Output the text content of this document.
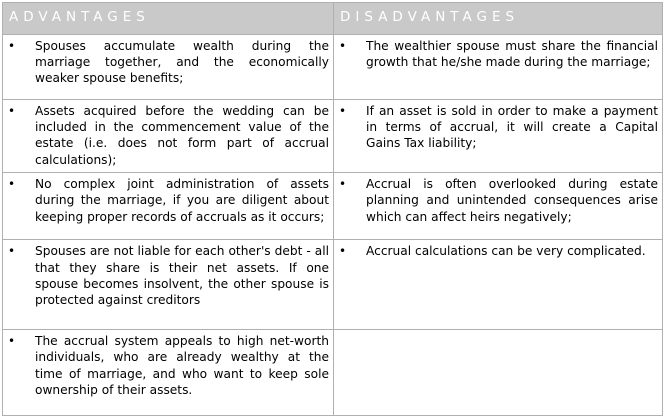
ADVANTAGES	DISADVANTAGES

• Spouses accumulate wealth during the marriage together, and the economically weaker spouse benefits;	• The wealthier spouse must share the financial growth that he/she made during the marriage;

• Assets acquired before the wedding can be included in the commencement value of the estate (i.e. does not form part of accrual calculations);	• If an asset is sold in order to make a payment in terms of accrual, it will create a Capital Gains Tax liability;

• No complex joint administration of assets during the marriage, if you are diligent about keeping proper records of accruals as it occurs;	• Accrual is often overlooked during estate planning and unintended consequences arise which can affect heirs negatively;

• Spouses are not liable for each other's debt - all that they share is their net assets. If one spouse becomes insolvent, the other spouse is protected against creditors	• Accrual calculations can be very complicated.

• The accrual system appeals to high net-worth individuals, who are already wealthy at the time of marriage, and who want to keep sole ownership of their assets.	
